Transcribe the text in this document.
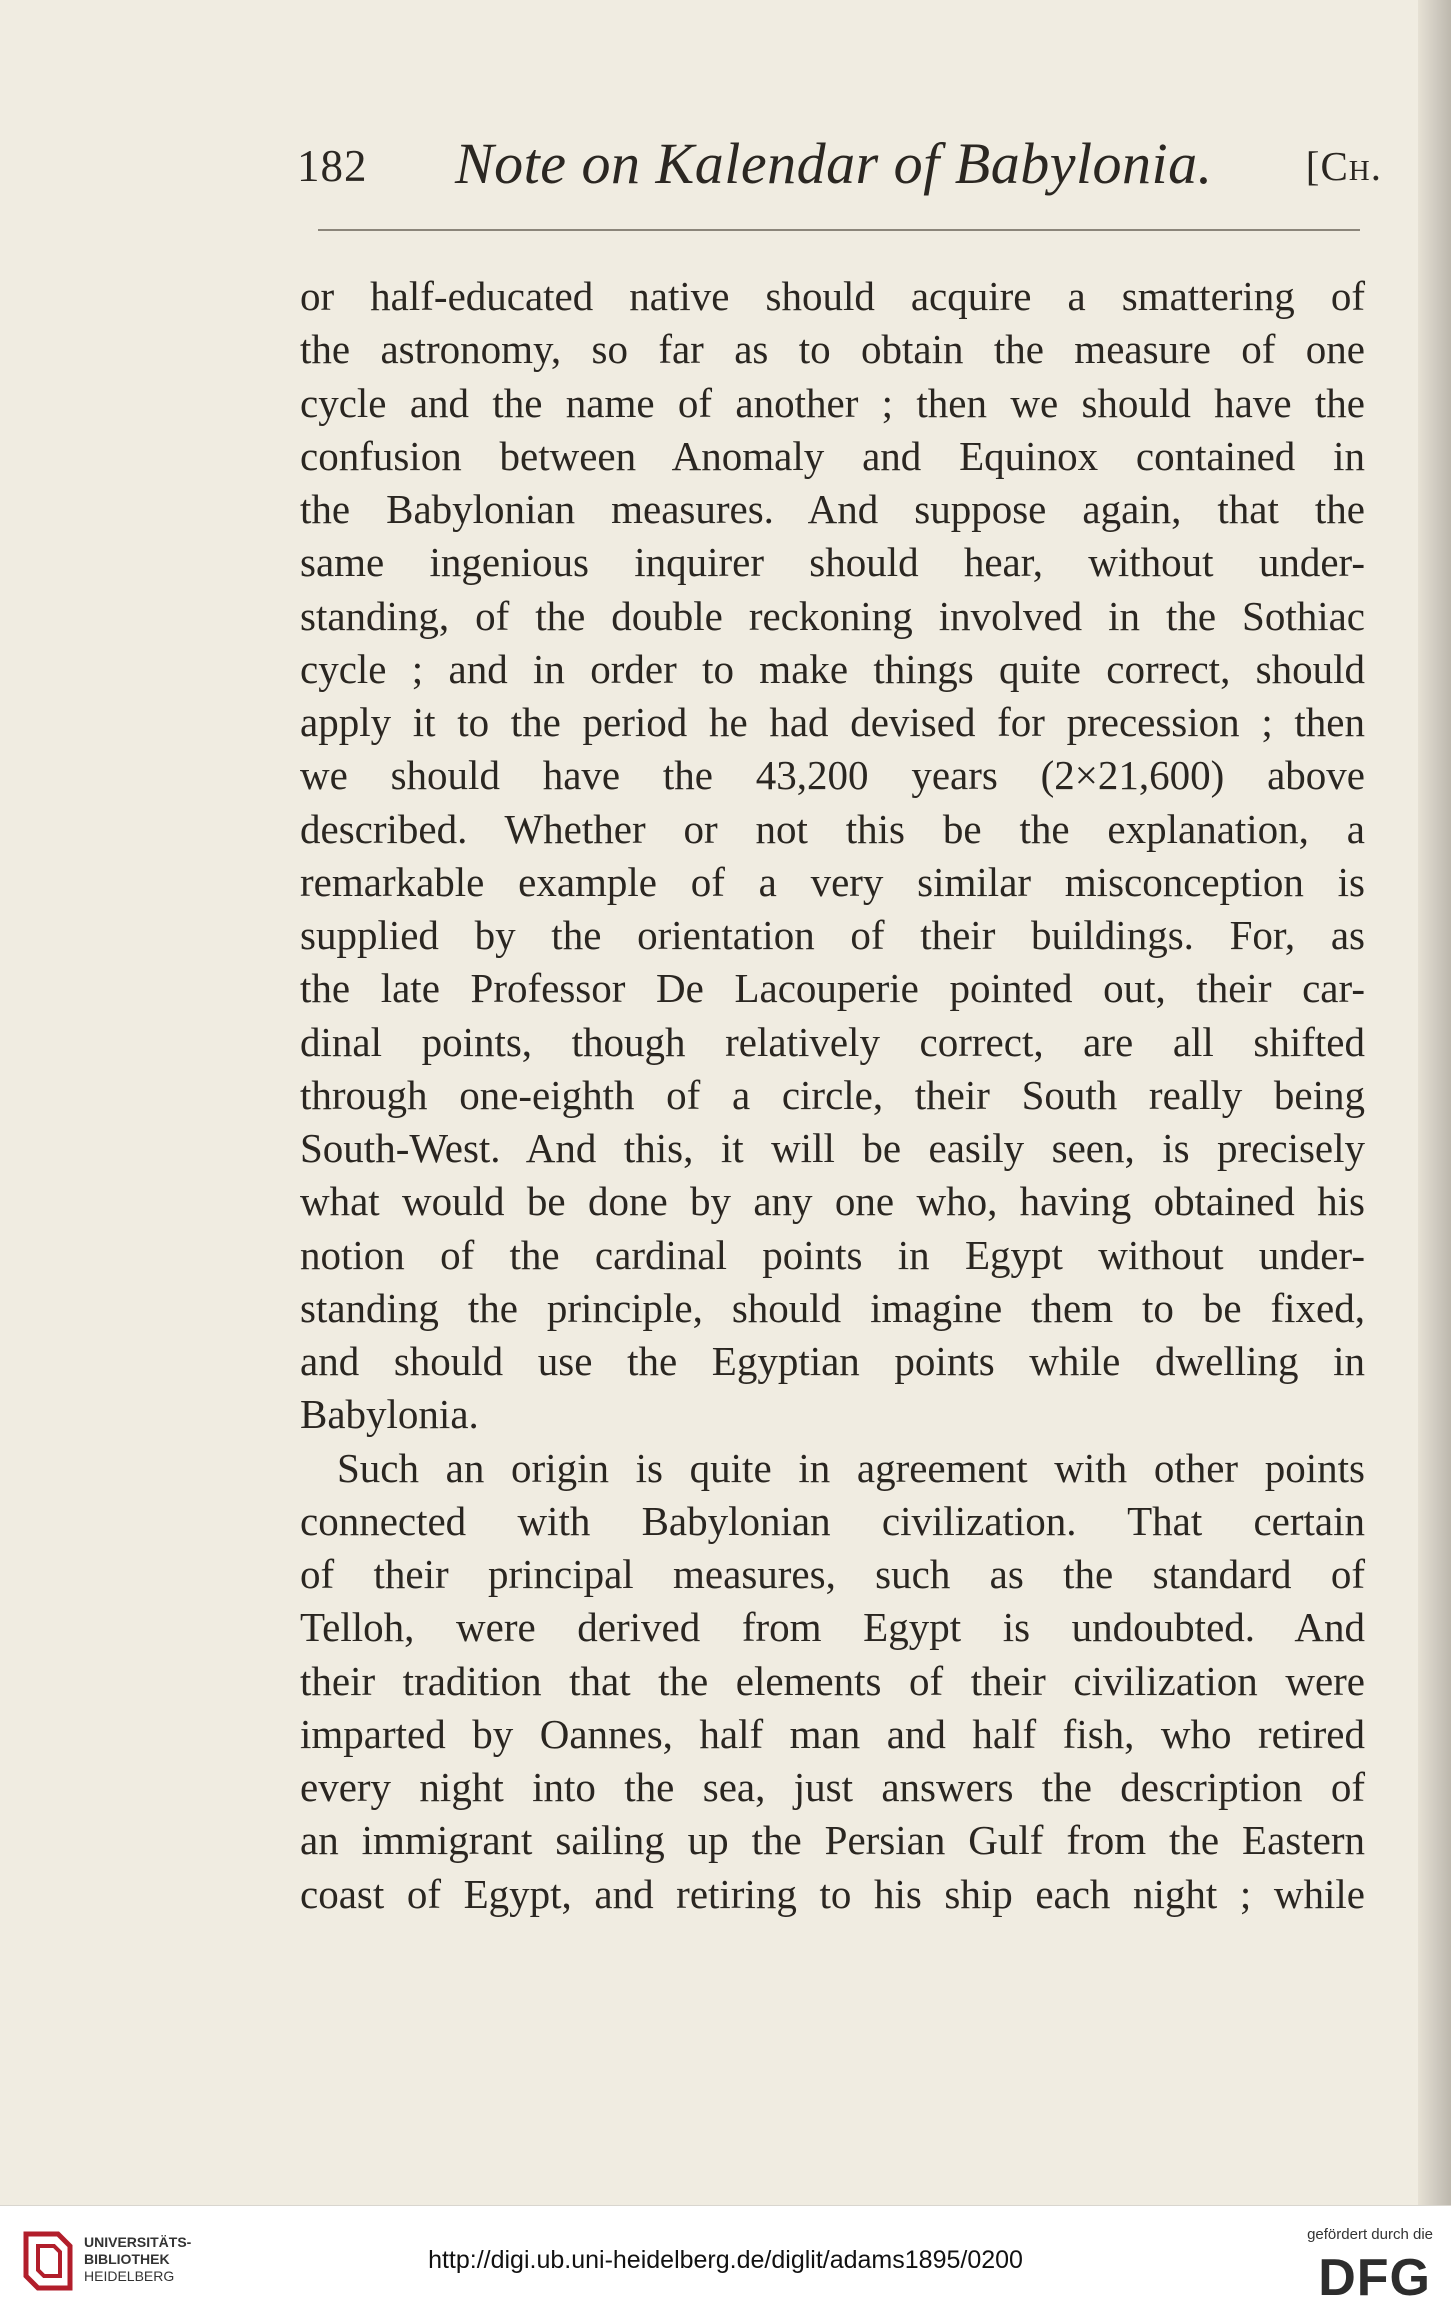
182 Note on Kalendar of Babylonia. [Ch.
or half-educated native should acquire a smattering of
the astronomy, so far as to obtain the measure of one
cycle and the name of another ; then we should have the
confusion between Anomaly and Equinox contained in
the Babylonian measures. And suppose again, that the
same ingenious inquirer should hear, without under-
standing, of the double reckoning involved in the Sothiac
cycle ; and in order to make things quite correct, should
apply it to the period he had devised for precession ; then
we should have the 43,200 years (2×21,600) above
described. Whether or not this be the explanation, a
remarkable example of a very similar misconception is
supplied by the orientation of their buildings. For, as
the late Professor De Lacouperie pointed out, their car-
dinal points, though relatively correct, are all shifted
through one-eighth of a circle, their South really being
South-West. And this, it will be easily seen, is precisely
what would be done by any one who, having obtained his
notion of the cardinal points in Egypt without under-
standing the principle, should imagine them to be fixed,
and should use the Egyptian points while dwelling in
Babylonia.
Such an origin is quite in agreement with other points
connected with Babylonian civilization. That certain
of their principal measures, such as the standard of
Telloh, were derived from Egypt is undoubted. And
their tradition that the elements of their civilization were
imparted by Oannes, half man and half fish, who retired
every night into the sea, just answers the description of
an immigrant sailing up the Persian Gulf from the Eastern
coast of Egypt, and retiring to his ship each night ; while
UNIVERSITÄTS-
BIBLIOTHEK
HEIDELBERG
http://digi.ub.uni-heidelberg.de/diglit/adams1895/0200
gefördert durch die
DFG
